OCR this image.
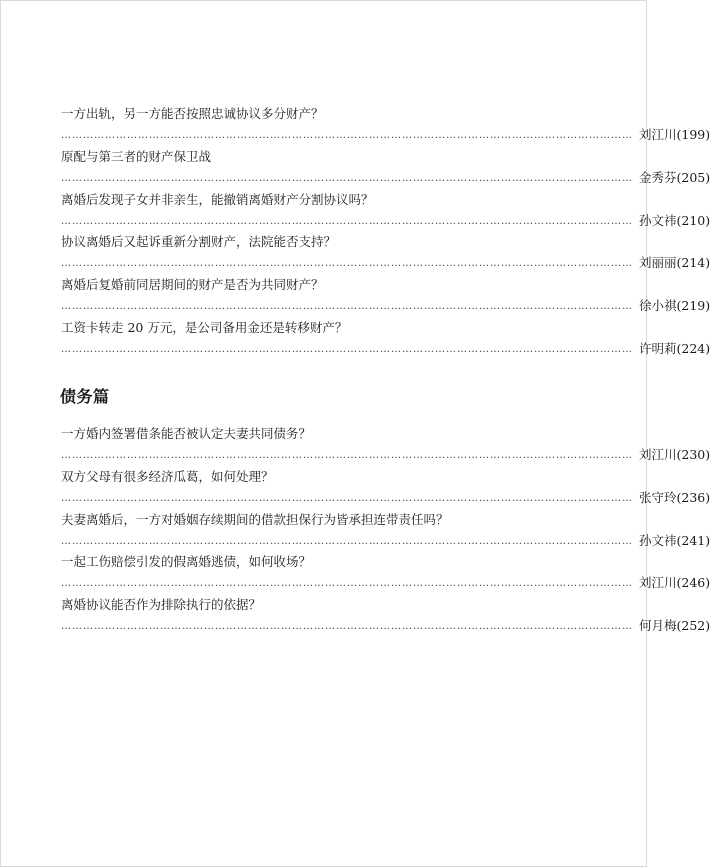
一方出轨，另一方能否按照忠诚协议多分财产？
………………………………………………………………………………………………………………………………………… 刘江川(199)
原配与第三者的财产保卫战
………………………………………………………………………………………………………………………………………… 金秀芬(205)
离婚后发现子女并非亲生，能撤销离婚财产分割协议吗？
………………………………………………………………………………………………………………………………………… 孙文祎(210)
协议离婚后又起诉重新分割财产，法院能否支持？
………………………………………………………………………………………………………………………………………… 刘丽丽(214)
离婚后复婚前同居期间的财产是否为共同财产？
………………………………………………………………………………………………………………………………………… 徐小祺(219)
工资卡转走 20 万元，是公司备用金还是转移财产？
………………………………………………………………………………………………………………………………………… 许明莉(224)
债务篇
一方婚内签署借条能否被认定夫妻共同债务？
………………………………………………………………………………………………………………………………………… 刘江川(230)
双方父母有很多经济瓜葛，如何处理？
………………………………………………………………………………………………………………………………………… 张守玲(236)
夫妻离婚后，一方对婚姻存续期间的借款担保行为皆承担连带责任吗？
………………………………………………………………………………………………………………………………………… 孙文祎(241)
一起工伤赔偿引发的假离婚逃债，如何收场？
………………………………………………………………………………………………………………………………………… 刘江川(246)
离婚协议能否作为排除执行的依据？
………………………………………………………………………………………………………………………………………… 何月梅(252)
